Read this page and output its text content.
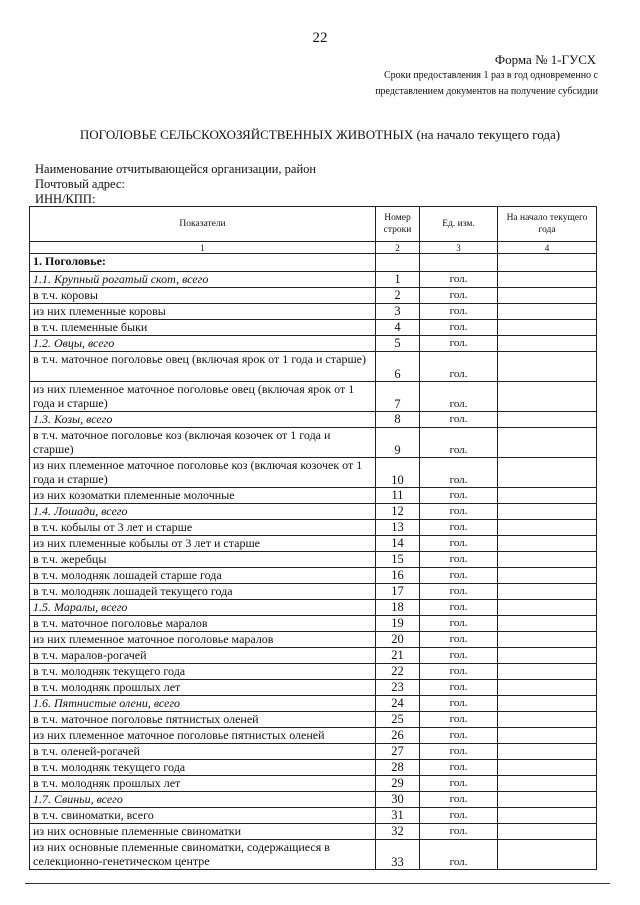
22
Форма № 1-ГУСХ
Сроки предоставления 1 раз в год одновременно с
представлением документов на получение субсидии
ПОГОЛОВЬЕ СЕЛЬСКОХОЗЯЙСТВЕННЫХ ЖИВОТНЫХ (на начало текущего года)
Наименование отчитывающейся организации, район
Почтовый адрес:
ИНН/КПП:
Показатели	Номер строки	Ед. изм.	На начало текущего года
1	2	3	4
1. Поголовье:			
1.1. Крупный рогатый скот, всего	1	гол.	
в т.ч. коровы	2	гол.	
из них племенные коровы	3	гол.	
в т.ч. племенные быки	4	гол.	
1.2. Овцы, всего	5	гол.	
в т.ч. маточное поголовье овец (включая ярок от 1 года и старше)	6	гол.	
из них племенное маточное поголовье овец (включая ярок от 1 года и старше)	7	гол.	
1.3. Козы, всего	8	гол.	
в т.ч. маточное поголовье коз (включая козочек от 1 года и старше)	9	гол.	
из них племенное маточное поголовье коз (включая козочек от 1 года и старше)	10	гол.	
из них козоматки племенные молочные	11	гол.	
1.4. Лошади, всего	12	гол.	
в т.ч. кобылы от 3 лет и старше	13	гол.	
из них племенные кобылы от 3 лет и старше	14	гол.	
в т.ч. жеребцы	15	гол.	
в т.ч. молодняк лошадей старше года	16	гол.	
в т.ч. молодняк лошадей текущего года	17	гол.	
1.5. Маралы, всего	18	гол.	
в т.ч. маточное поголовье маралов	19	гол.	
из них племенное маточное поголовье маралов	20	гол.	
в т.ч. маралов-рогачей	21	гол.	
в т.ч. молодняк текущего года	22	гол.	
в т.ч. молодняк прошлых лет	23	гол.	
1.6. Пятнистые олени, всего	24	гол.	
в т.ч. маточное поголовье пятнистых оленей	25	гол.	
из них племенное маточное поголовье пятнистых оленей	26	гол.	
в т.ч. оленей-рогачей	27	гол.	
в т.ч. молодняк текущего года	28	гол.	
в т.ч. молодняк прошлых лет	29	гол.	
1.7. Свиньи, всего	30	гол.	
в т.ч. свиноматки, всего	31	гол.	
из них основные племенные свиноматки	32	гол.	
из них основные племенные свиноматки, содержащиеся в селекционно-генетическом центре	33	гол.	
